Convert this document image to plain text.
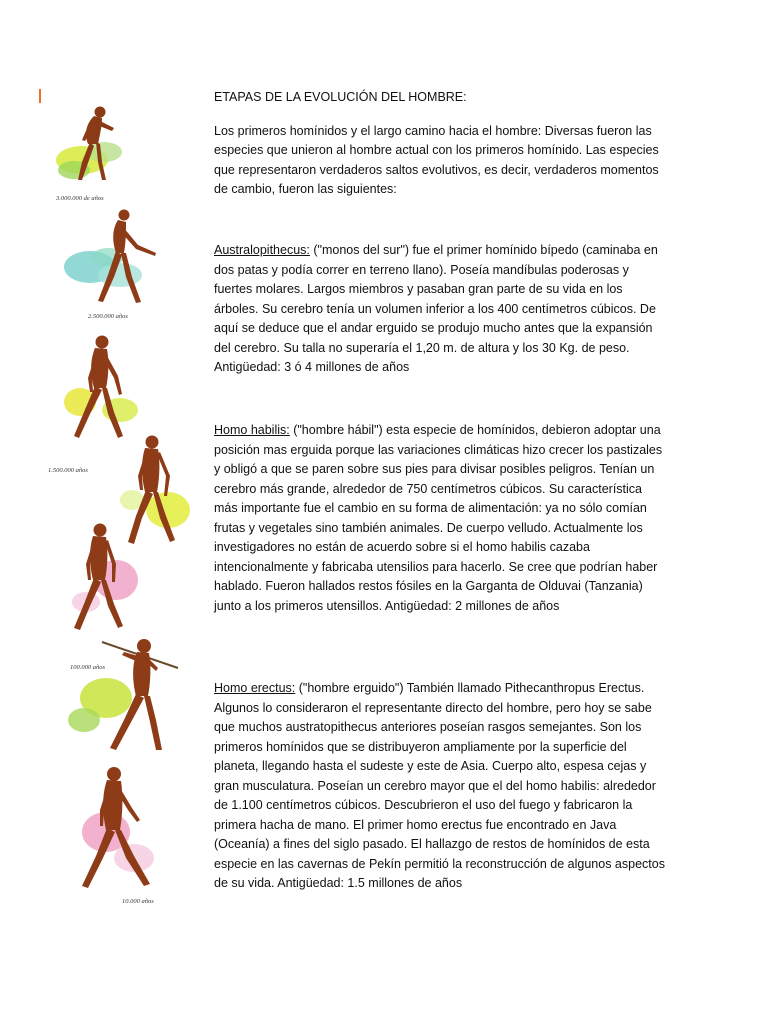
3.000.000 de años
2.500.000 años
1.500.000 años
100.000 años
10.000 años
ETAPAS DE LA EVOLUCIÓN DEL HOMBRE:

Los primeros homínidos y el largo camino hacia el hombre: Diversas fueron las especies que unieron al hombre actual con los primeros homínido. Las especies que representaron verdaderos saltos evolutivos, es decir, verdaderos momentos de cambio, fueron las siguientes:

Australopithecus: ("monos del sur") fue el primer homínido bípedo (caminaba en dos patas y podía correr en terreno llano). Poseía mandíbulas poderosas y fuertes molares. Largos miembros y pasaban gran parte de su vida en los árboles. Su cerebro tenía un volumen inferior a los 400 centímetros cúbicos. De aquí se deduce que el andar erguido se produjo mucho antes que la expansión del cerebro. Su talla no superaría el 1,20 m. de altura y los 30 Kg. de peso. Antigüedad: 3 ó 4 millones de años

Homo habilis: ("hombre hábil") esta especie de homínidos, debieron adoptar una posición mas erguida porque las variaciones climáticas hizo crecer los pastizales y obligó a que se paren sobre sus pies para divisar posibles peligros. Tenían un cerebro más grande, alrededor de 750 centímetros cúbicos. Su característica más importante fue el cambio en su forma de alimentación: ya no sólo comían frutas y vegetales sino también animales. De cuerpo velludo. Actualmente los investigadores no están de acuerdo sobre si el homo habilis cazaba intencionalmente y fabricaba utensilios para hacerlo. Se cree que podrían haber hablado. Fueron hallados restos fósiles en la Garganta de Olduvai (Tanzania) junto a los primeros utensillos. Antigüedad: 2 millones de años

Homo erectus: ("hombre erguido") También llamado Pithecanthropus Erectus. Algunos lo consideraron el representante directo del hombre, pero hoy se sabe que muchos austratopithecus anteriores poseían rasgos semejantes. Son los primeros homínidos que se distribuyeron ampliamente por la superficie del planeta, llegando hasta el sudeste y este de Asia. Cuerpo alto, espesa cejas y gran musculatura. Poseían un cerebro mayor que el del homo habilis: alrededor de 1.100 centímetros cúbicos. Descubrieron el uso del fuego y fabricaron la primera hacha de mano. El primer homo erectus fue encontrado en Java (Oceanía) a fines del siglo pasado. El hallazgo de restos de homínidos de esta especie en las cavernas de Pekín permitió la reconstrucción de algunos aspectos de su vida. Antigüedad: 1.5 millones de años
